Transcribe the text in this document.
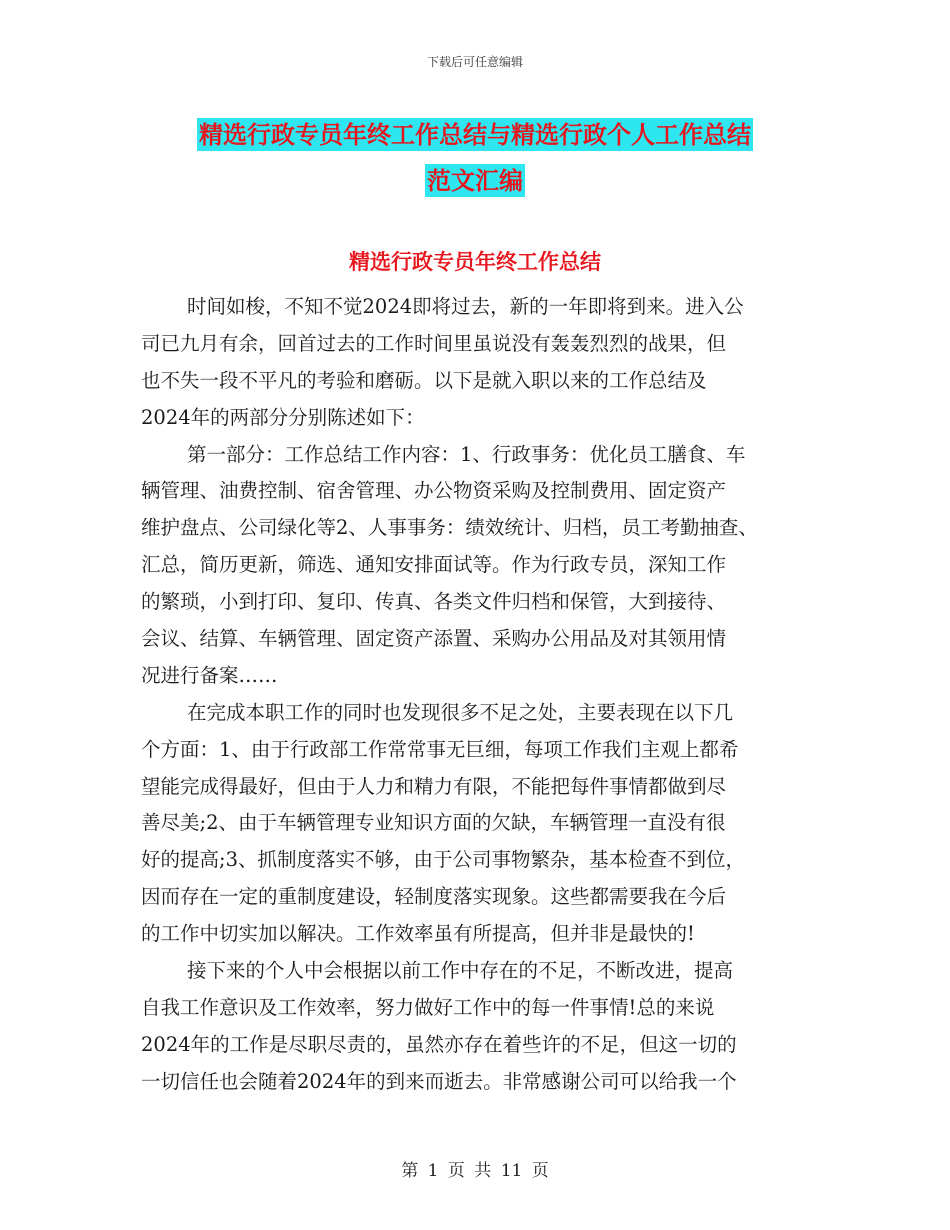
下载后可任意编辑
精选行政专员年终工作总结与精选行政个人工作总结
范文汇编
精选行政专员年终工作总结
时间如梭，不知不觉2024即将过去，新的一年即将到来。进入公
司已九月有余，回首过去的工作时间里虽说没有轰轰烈烈的战果，但
也不失一段不平凡的考验和磨砺。以下是就入职以来的工作总结及
2024年的两部分分别陈述如下：
第一部分：工作总结工作内容：1、行政事务：优化员工膳食、车
辆管理、油费控制、宿舍管理、办公物资采购及控制费用、固定资产
维护盘点、公司绿化等2、人事事务：绩效统计、归档，员工考勤抽查、
汇总，简历更新，筛选、通知安排面试等。作为行政专员，深知工作
的繁琐，小到打印、复印、传真、各类文件归档和保管，大到接待、
会议、结算、车辆管理、固定资产添置、采购办公用品及对其领用情
况进行备案……
在完成本职工作的同时也发现很多不足之处，主要表现在以下几
个方面：1、由于行政部工作常常事无巨细，每项工作我们主观上都希
望能完成得最好，但由于人力和精力有限，不能把每件事情都做到尽
善尽美;2、由于车辆管理专业知识方面的欠缺，车辆管理一直没有很
好的提高;3、抓制度落实不够，由于公司事物繁杂，基本检查不到位，
因而存在一定的重制度建设，轻制度落实现象。这些都需要我在今后
的工作中切实加以解决。工作效率虽有所提高，但并非是最快的!
接下来的个人中会根据以前工作中存在的不足，不断改进，提高
自我工作意识及工作效率，努力做好工作中的每一件事情!总的来说
2024年的工作是尽职尽责的，虽然亦存在着些许的不足，但这一切的
一切信任也会随着2024年的到来而逝去。非常感谢公司可以给我一个
第 1 页 共 11 页
